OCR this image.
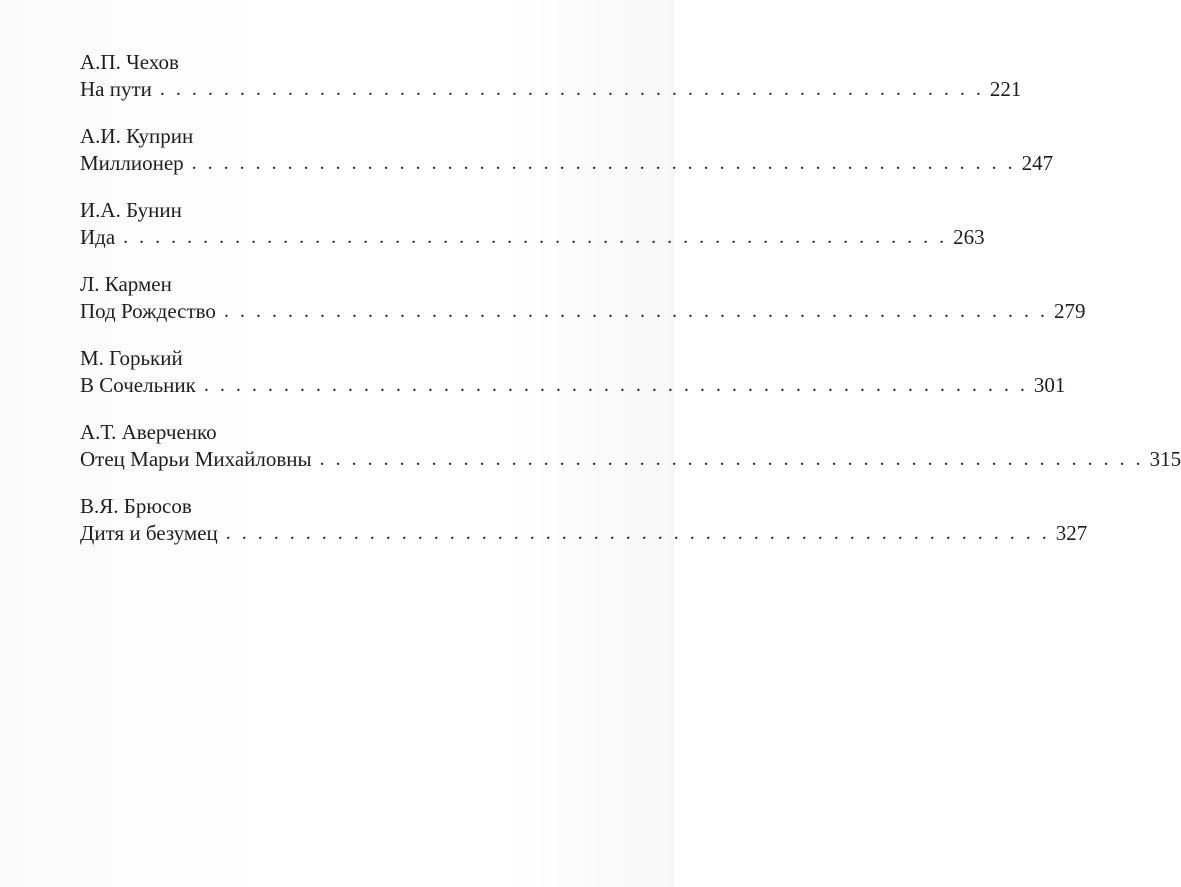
А.П. Чехов
На пути . . . . . . . . . . . . . . . . . . . . . . . . . . . . . . . . . . . . . . . . . . . . . . . . . . . . 221
А.И. Куприн
Миллионер . . . . . . . . . . . . . . . . . . . . . . . . . . . . . . . . . . . . . . . . . . . . . . . . . . . . 247
И.А. Бунин
Ида . . . . . . . . . . . . . . . . . . . . . . . . . . . . . . . . . . . . . . . . . . . . . . . . . . . . 263
Л. Кармен
Под Рождество . . . . . . . . . . . . . . . . . . . . . . . . . . . . . . . . . . . . . . . . . . . . . . . . . . . . 279
М. Горький
В Сочельник . . . . . . . . . . . . . . . . . . . . . . . . . . . . . . . . . . . . . . . . . . . . . . . . . . . . 301
А.Т. Аверченко
Отец Марьи Михайловны . . . . . . . . . . . . . . . . . . . . . . . . . . . . . . . . . . . . . . . . . . . . . . . . . . . . 315
В.Я. Брюсов
Дитя и безумец . . . . . . . . . . . . . . . . . . . . . . . . . . . . . . . . . . . . . . . . . . . . . . . . . . . . 327
